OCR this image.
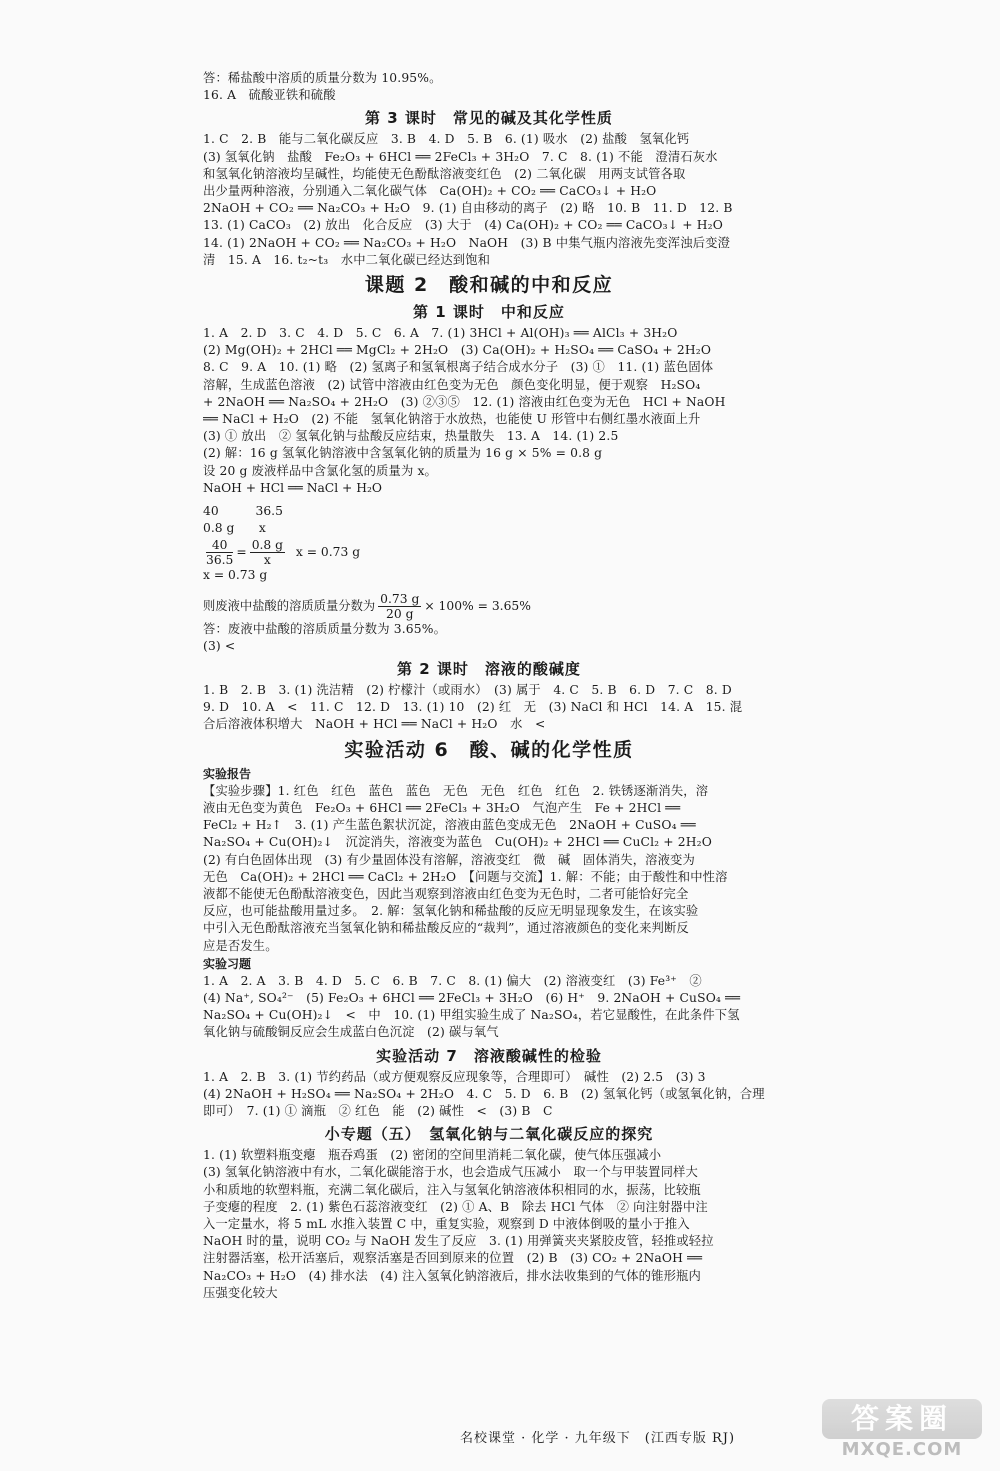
答：稀盐酸中溶质的质量分数为 10.95%。
16. A　硫酸亚铁和硫酸
第 3 课时　常见的碱及其化学性质
1. C　2. B　能与二氧化碳反应　3. B　4. D　5. B　6. (1) 吸水　(2) 盐酸　氢氧化钙
(3) 氢氧化钠　盐酸　Fe₂O₃ + 6HCl ══ 2FeCl₃ + 3H₂O　7. C　8. (1) 不能　澄清石灰水
和氢氧化钠溶液均呈碱性，均能使无色酚酞溶液变红色　(2) 二氧化碳　用两支试管各取
出少量两种溶液，分别通入二氧化碳气体　Ca(OH)₂ + CO₂ ══ CaCO₃↓ + H₂O
2NaOH + CO₂ ══ Na₂CO₃ + H₂O　9. (1) 自由移动的离子　(2) 略　10. B　11. D　12. B
13. (1) CaCO₃　(2) 放出　化合反应　(3) 大于　(4) Ca(OH)₂ + CO₂ ══ CaCO₃↓ + H₂O
14. (1) 2NaOH + CO₂ ══ Na₂CO₃ + H₂O　NaOH　(3) B 中集气瓶内溶液先变浑浊后变澄
清　15. A　16. t₂~t₃　水中二氧化碳已经达到饱和
课题 2　酸和碱的中和反应
第 1 课时　中和反应
1. A　2. D　3. C　4. D　5. C　6. A　7. (1) 3HCl + Al(OH)₃ ══ AlCl₃ + 3H₂O
(2) Mg(OH)₂ + 2HCl ══ MgCl₂ + 2H₂O　(3) Ca(OH)₂ + H₂SO₄ ══ CaSO₄ + 2H₂O
8. C　9. A　10. (1) 略　(2) 氢离子和氢氧根离子结合成水分子　(3) ①　11. (1) 蓝色固体
溶解，生成蓝色溶液　(2) 试管中溶液由红色变为无色　颜色变化明显，便于观察　H₂SO₄
+ 2NaOH ══ Na₂SO₄ + 2H₂O　(3) ②③⑤　12. (1) 溶液由红色变为无色　HCl + NaOH
══ NaCl + H₂O　(2) 不能　氢氧化钠溶于水放热，也能使 U 形管中右侧红墨水液面上升
(3) ① 放出　② 氢氧化钠与盐酸反应结束，热量散失　13. A　14. (1) 2.5
(2) 解：16 g 氢氧化钠溶液中含氢氧化钠的质量为 16 g × 5% = 0.8 g
设 20 g 废液样品中含氯化氢的质量为 x。
NaOH + HCl ══ NaCl + H₂O
40　　　36.5
0.8 g　　x
$\frac{40}{36.5} = \frac{0.8 g}{x}$ x = 0.73 g
x = 0.73 g
则废液中盐酸的溶质质量分数为 $\frac{0.73 g}{20 g} \times 100\% = 3.65\%$
答：废液中盐酸的溶质质量分数为 3.65%。
(3) <
第 2 课时　溶液的酸碱度
1. B　2. B　3. (1) 洗洁精　(2) 柠檬汁（或雨水）　(3) 属于　4. C　5. B　6. D　7. C　8. D
9. D　10. A　<　11. C　12. D　13. (1) 10　(2) 红　无　(3) NaCl 和 HCl　14. A　15. 混
合后溶液体积增大　NaOH + HCl ══ NaCl + H₂O　水　<
实验活动 6　酸、碱的化学性质
实验报告
【实验步骤】1. 红色　红色　蓝色　蓝色　无色　无色　红色　红色　2. 铁锈逐渐消失，溶
液由无色变为黄色　Fe₂O₃ + 6HCl ══ 2FeCl₃ + 3H₂O　气泡产生　Fe + 2HCl ══
FeCl₂ + H₂↑　3. (1) 产生蓝色絮状沉淀，溶液由蓝色变成无色　2NaOH + CuSO₄ ══
Na₂SO₄ + Cu(OH)₂↓　沉淀消失，溶液变为蓝色　Cu(OH)₂ + 2HCl ══ CuCl₂ + 2H₂O
(2) 有白色固体出现　(3) 有少量固体没有溶解，溶液变红　微　碱　固体消失，溶液变为
无色　Ca(OH)₂ + 2HCl ══ CaCl₂ + 2H₂O　【问题与交流】1. 解：不能；由于酸性和中性溶
液都不能使无色酚酞溶液变色，因此当观察到溶液由红色变为无色时，二者可能恰好完全
反应，也可能盐酸用量过多。　2. 解：氢氧化钠和稀盐酸的反应无明显现象发生，在该实验
中引入无色酚酞溶液充当氢氧化钠和稀盐酸反应的“裁判”，通过溶液颜色的变化来判断反
应是否发生。
实验习题
1. A　2. A　3. B　4. D　5. C　6. B　7. C　8. (1) 偏大　(2) 溶液变红　(3) Fe³⁺　②
(4) Na⁺, SO₄²⁻　(5) Fe₂O₃ + 6HCl ══ 2FeCl₃ + 3H₂O　(6) H⁺　9. 2NaOH + CuSO₄ ══
Na₂SO₄ + Cu(OH)₂↓　<　中　10. (1) 甲组实验生成了 Na₂SO₄，若它显酸性，在此条件下氢
氧化钠与硫酸铜反应会生成蓝白色沉淀　(2) 碳与氧气
实验活动 7　溶液酸碱性的检验
1. A　2. B　3. (1) 节约药品（或方便观察反应现象等，合理即可）　碱性　(2) 2.5　(3) 3
(4) 2NaOH + H₂SO₄ ══ Na₂SO₄ + 2H₂O　4. C　5. D　6. B　(2) 氢氧化钙（或氢氧化钠，合理
即可）　7. (1) ① 滴瓶　② 红色　能　(2) 碱性　<　(3) B　C
小专题（五）　氢氧化钠与二氧化碳反应的探究
1. (1) 软塑料瓶变瘪　瓶吞鸡蛋　(2) 密闭的空间里消耗二氧化碳，使气体压强减小
(3) 氢氧化钠溶液中有水，二氧化碳能溶于水，也会造成气压减小　取一个与甲装置同样大
小和质地的软塑料瓶，充满二氧化碳后，注入与氢氧化钠溶液体积相同的水，振荡，比较瓶
子变瘪的程度　2. (1) 紫色石蕊溶液变红　(2) ① A、B　除去 HCl 气体　② 向注射器中注
入一定量水，将 5 mL 水推入装置 C 中，重复实验，观察到 D 中液体倒吸的量小于推入
NaOH 时的量，说明 CO₂ 与 NaOH 发生了反应　3. (1) 用弹簧夹夹紧胶皮管，轻推或轻拉
注射器活塞，松开活塞后，观察活塞是否回到原来的位置　(2) B　(3) CO₂ + 2NaOH ══
Na₂CO₃ + H₂O　(4) 排水法　(4) 注入氢氧化钠溶液后，排水法收集到的气体的锥形瓶内
压强变化较大
名校课堂 · 化学 · 九年级下　(江西专版 RJ)
答案圈
MXQE.COM
